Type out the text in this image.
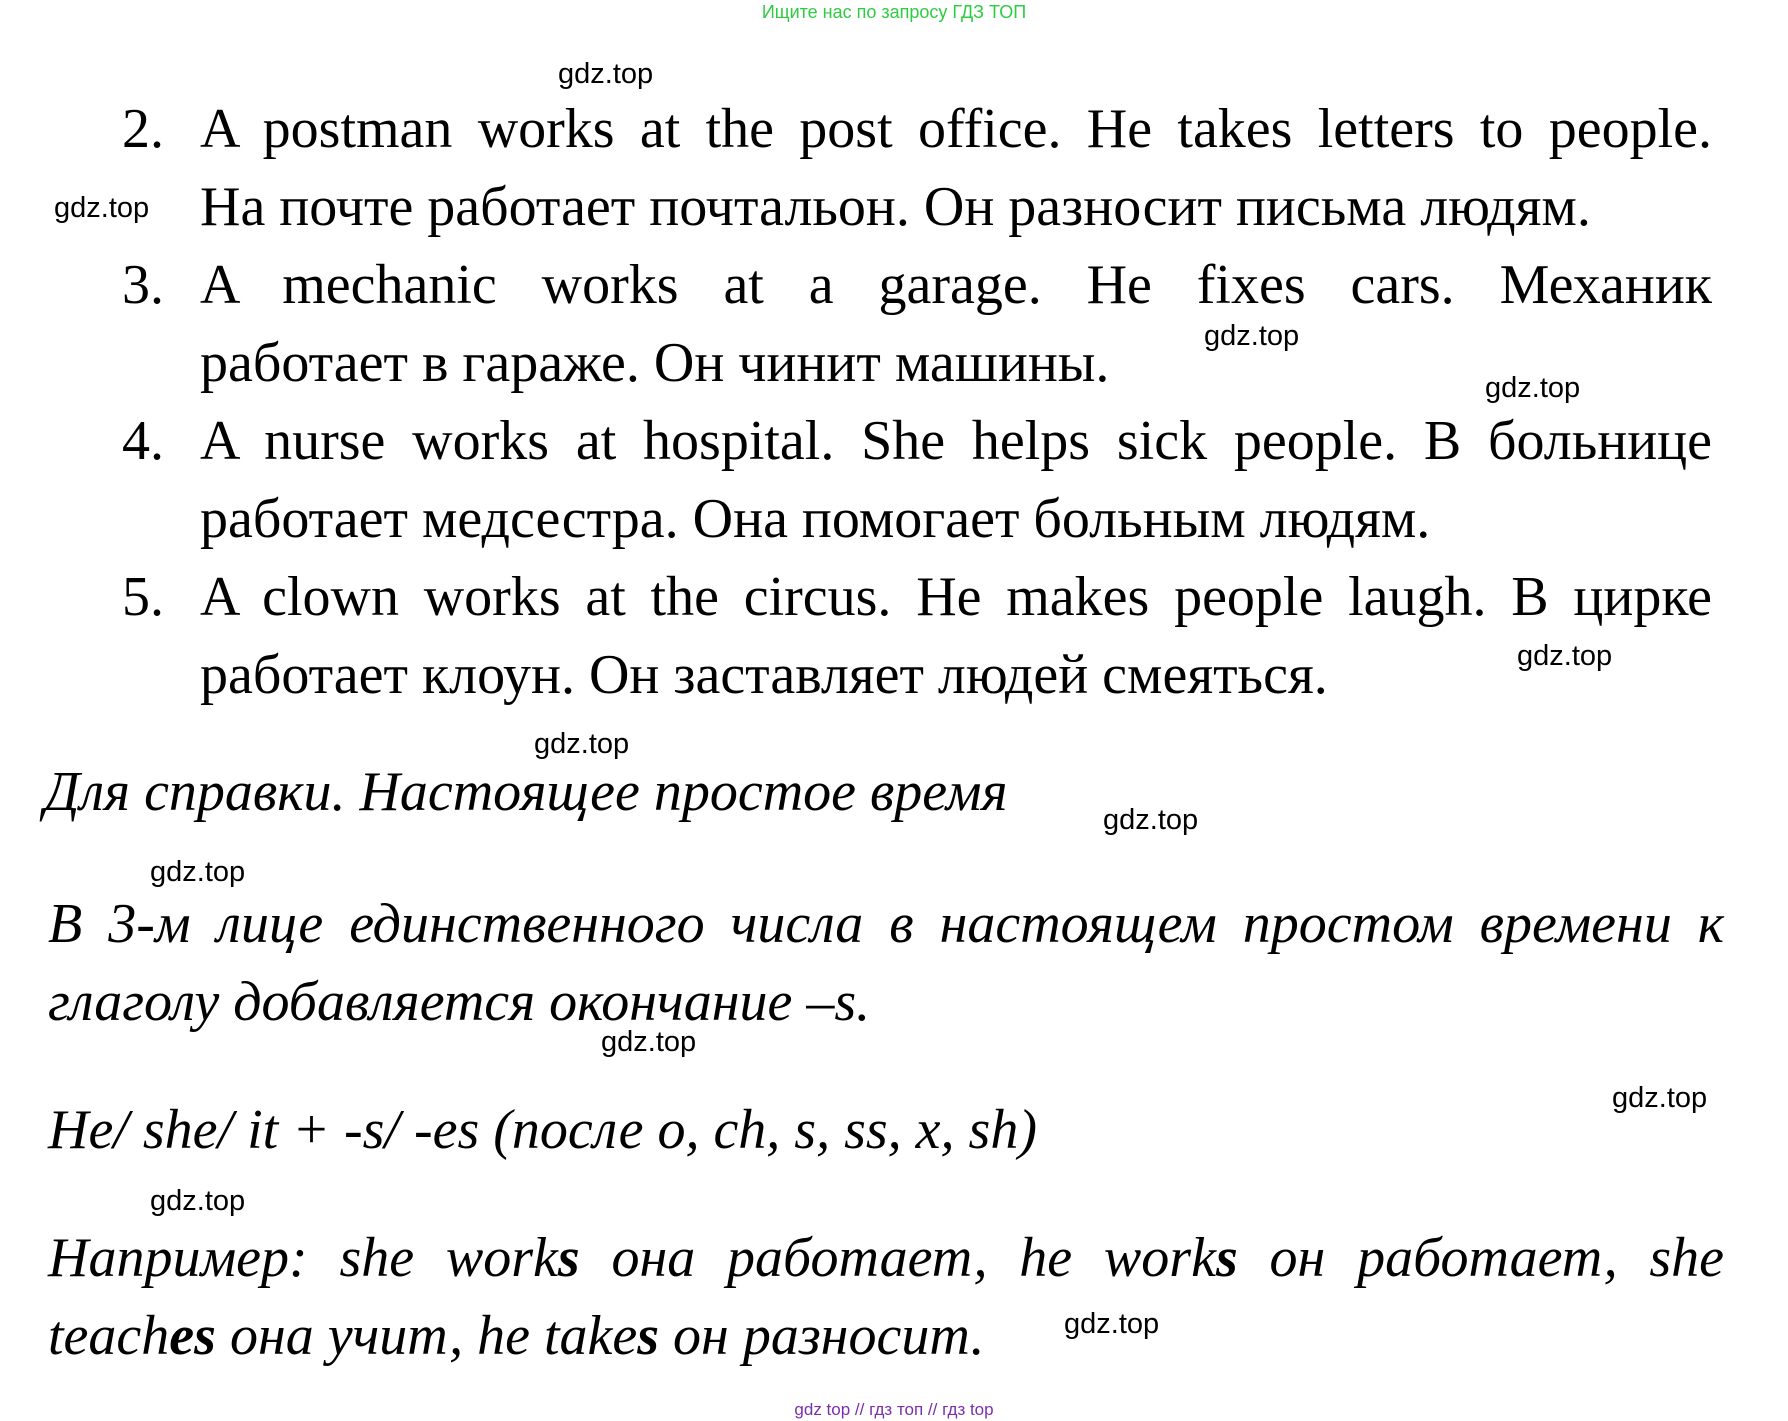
Ищите нас по запросу ГДЗ ТОП
gdz.top
gdz.top
gdz.top
gdz.top
gdz.top
gdz.top
gdz.top
gdz.top
gdz.top
gdz.top
gdz.top
gdz.top
2. A postman works at the post office. He takes letters to people.
На почте работает почтальон. Он разносит письма людям.
3. A mechanic works at a garage. He fixes cars. Механик
работает в гараже. Он чинит машины.
4. A nurse works at hospital. She helps sick people. В больнице
работает медсестра. Она помогает больным людям.
5. A clown works at the circus. He makes people laugh. В цирке
работает клоун. Он заставляет людей смеяться.
Для справки. Настоящее простое время
В 3-м лице единственного числа в настоящем простом времени к
глаголу добавляется окончание –s.
He/ she/ it + -s/ -es (после o, ch, s, ss, x, sh)
Например: she works она работает, he works он работает, she
teaches она учит, he takes он разносит.
gdz top // гдз топ // гдз top
